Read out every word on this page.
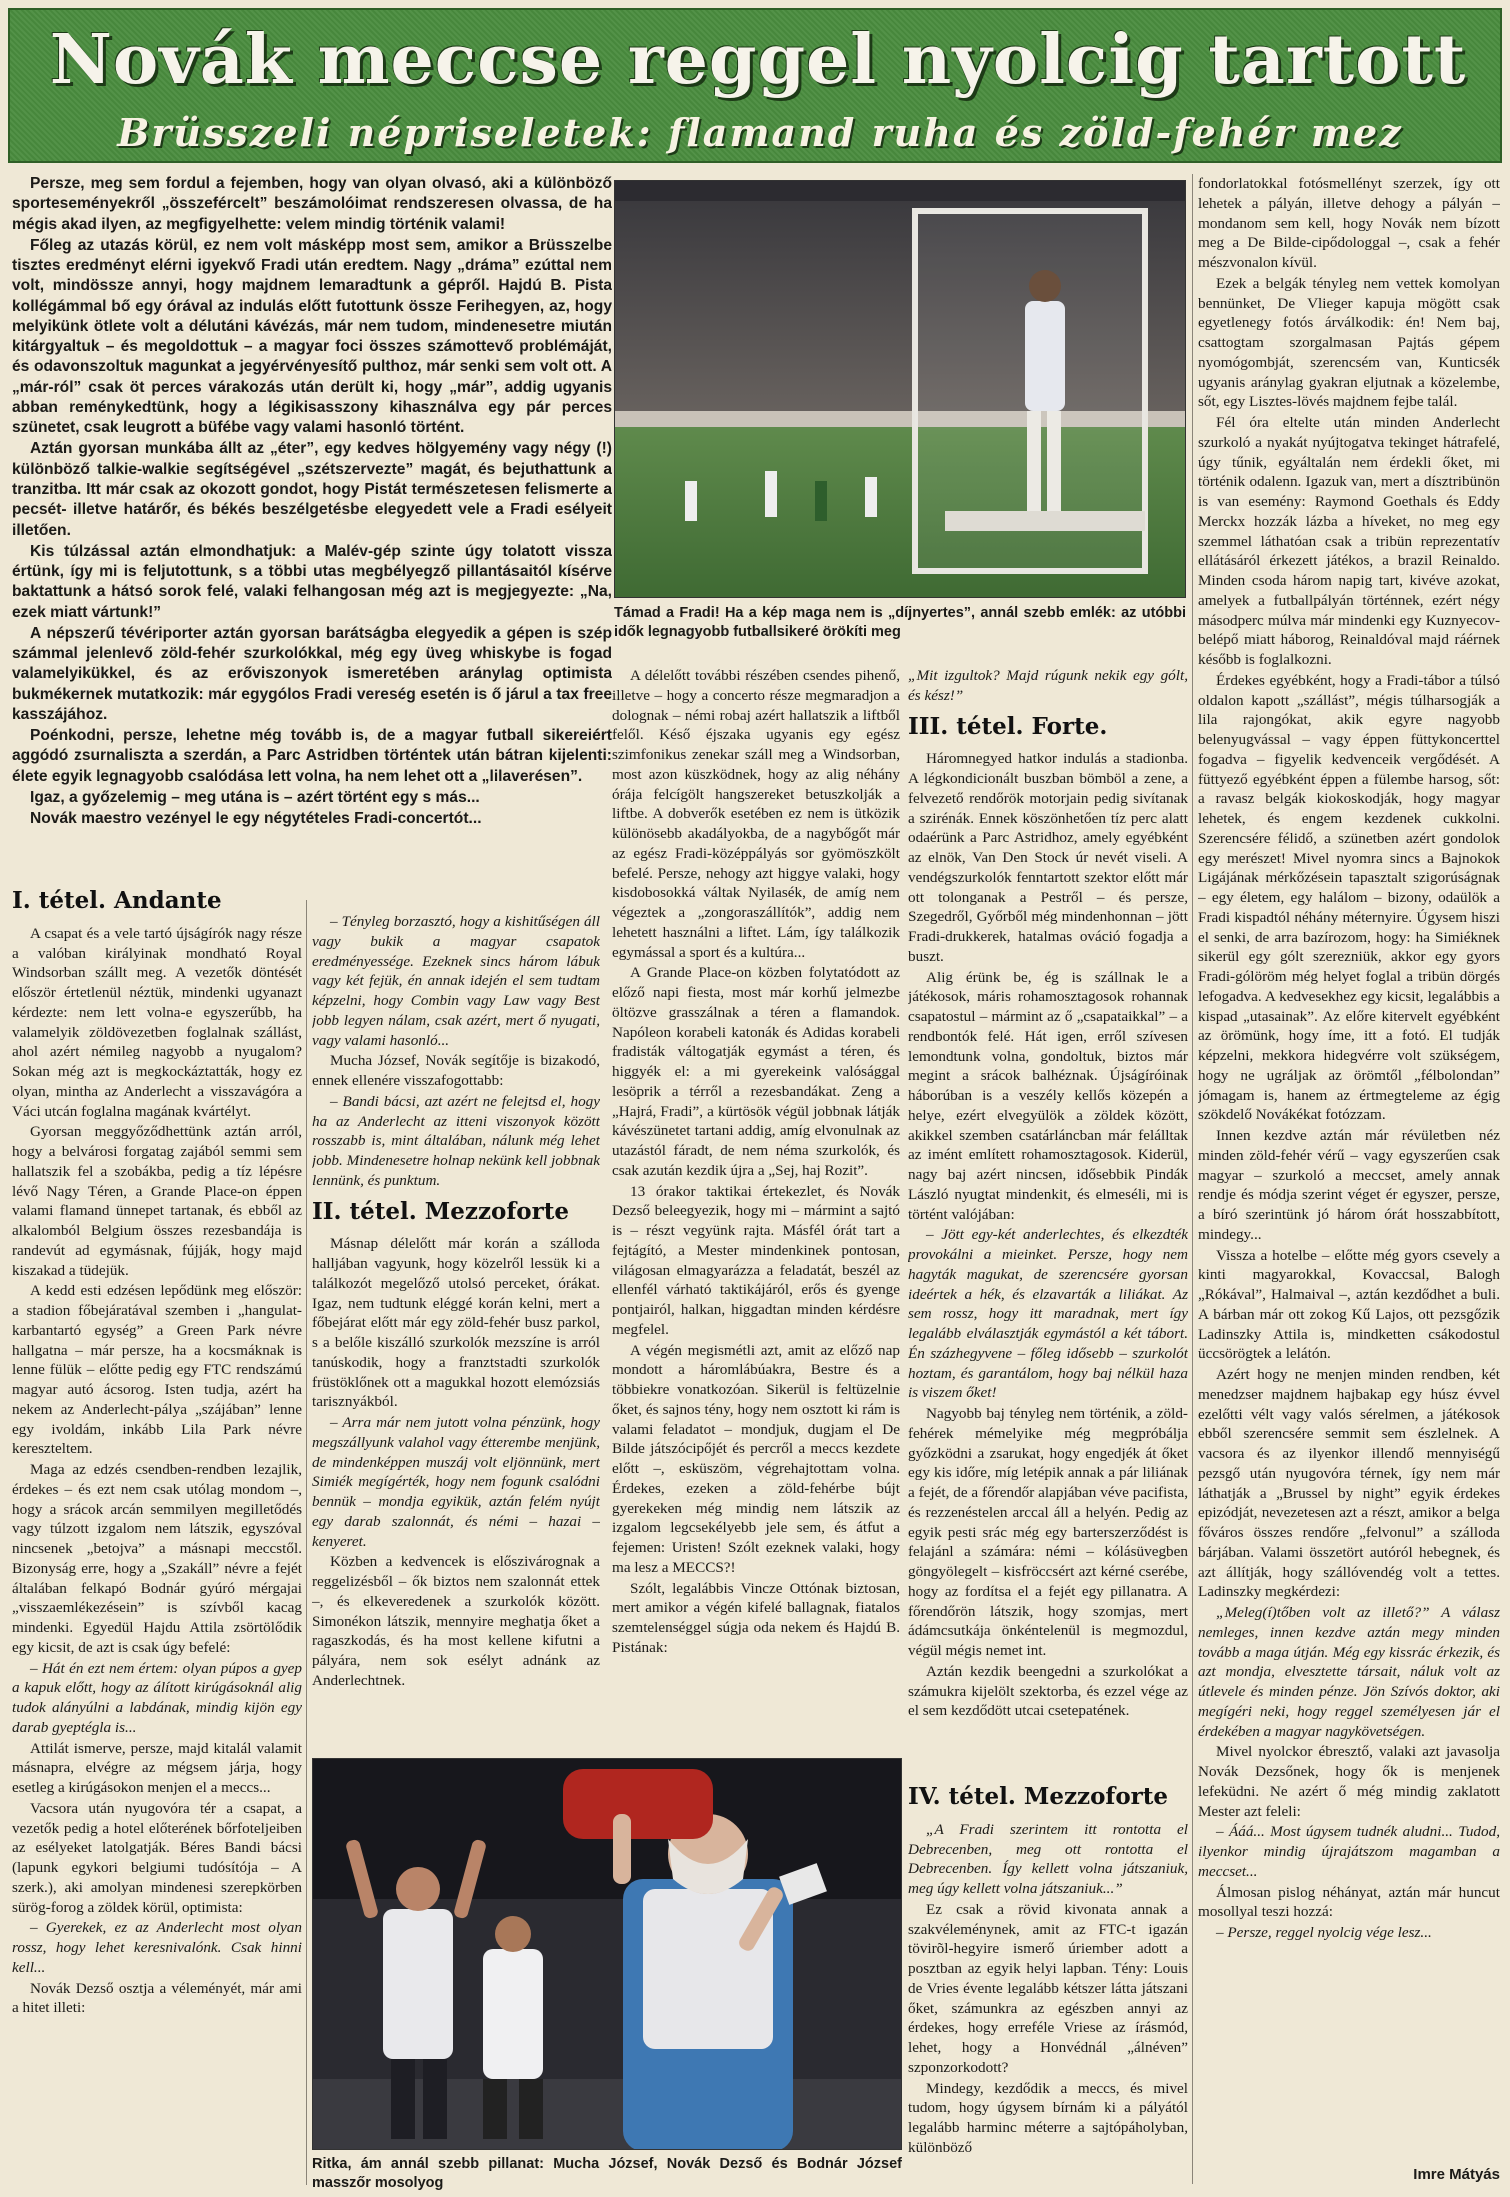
Novák meccse reggel nyolcig tartott
Brüsszeli népriseletek: flamand ruha és zöld-fehér mez

Persze, meg sem fordul a fejemben, hogy van olyan olvasó, aki a különböző sporteseményekről „összefércelt” beszámolóimat rendszeresen olvassa, de ha mégis akad ilyen, az megfigyelhette: velem mindig történik valami!

Főleg az utazás körül, ez nem volt másképp most sem, amikor a Brüsszelbe tisztes eredményt elérni igyekvő Fradi után eredtem. Nagy „dráma” ezúttal nem volt, mindössze annyi, hogy majdnem lemaradtunk a gépről. Hajdú B. Pista kollégámmal bő egy órával az indulás előtt futottunk össze Ferihegyen, az, hogy melyikünk ötlete volt a délutáni kávézás, már nem tudom, mindenesetre miután kitárgyaltuk – és megoldottuk – a magyar foci összes számottevő problémáját, és odavonszoltuk magunkat a jegyérvényesítő pulthoz, már senki sem volt ott. A „már-ról” csak öt perces várakozás után derült ki, hogy „már”, addig ugyanis abban reménykedtünk, hogy a légikisasszony kihasználva egy pár perces szünetet, csak leugrott a büfébe vagy valami hasonló történt.

Aztán gyorsan munkába állt az „éter”, egy kedves hölgyemény vagy négy (!) különböző talkie-walkie segítségével „szétszervezte” magát, és bejuthattunk a tranzitba. Itt már csak az okozott gondot, hogy Pistát természetesen felismerte a pecsét- illetve határőr, és békés beszélgetésbe elegyedett vele a Fradi esélyeit illetően.

Kis túlzással aztán elmondhatjuk: a Malév-gép szinte úgy tolatott vissza értünk, így mi is feljutottunk, s a többi utas megbélyegző pillantásaitól kísérve baktattunk a hátsó sorok felé, valaki felhangosan még azt is megjegyezte: „Na, ezek miatt vártunk!”

A népszerű tévériporter aztán gyorsan barátságba elegyedik a gépen is szép számmal jelenlevő zöld-fehér szurkolókkal, még egy üveg whiskybe is fogad valamelyikükkel, és az erőviszonyok ismeretében aránylag optimista bukmékernek mutatkozik: már egygólos Fradi vereség esetén is ő járul a tax free kasszájához.

Poénkodni, persze, lehetne még tovább is, de a magyar futball sikereiért aggódó zsurnaliszta a szerdán, a Parc Astridben történtek után bátran kijelenti: élete egyik legnagyobb csalódása lett volna, ha nem lehet ott a „lilaverésen”.

Igaz, a győzelemig – meg utána is – azért történt egy s más...

Novák maestro vezényel le egy négytételes Fradi-concertót...

Támad a Fradi! Ha a kép maga nem is „díjnyertes”, annál szebb emlék: az utóbbi idők legnagyobb futballsikeré örökíti meg
I. tétel. Andante

A csapat és a vele tartó újságírók nagy része a valóban királyinak mondható Royal Windsorban szállt meg. A vezetők döntését először értetlenül néztük, mindenki ugyanazt kérdezte: nem lett volna-e egyszerűbb, ha valamelyik zöldövezetben foglalnak szállást, ahol azért némileg nagyobb a nyugalom? Sokan még azt is megkockáztatták, hogy ez olyan, mintha az Anderlecht a visszavágóra a Váci utcán foglalna magának kvártélyt.

Gyorsan meggyőződhettünk aztán arról, hogy a belvárosi forgatag zajából semmi sem hallatszik fel a szobákba, pedig a tíz lépésre lévő Nagy Téren, a Grande Place-on éppen valami flamand ünnepet tartanak, és ebből az alkalomból Belgium összes rezesbandája is randevút ad egymásnak, fújják, hogy majd kiszakad a tüdejük.

A kedd esti edzésen lepődünk meg először: a stadion főbejáratával szemben i „hangulat-karbantartó egység” a Green Park névre hallgatna – már persze, ha a kocsmáknak is lenne fülük – előtte pedig egy FTC rendszámú magyar autó ácsorog. Isten tudja, azért ha nekem az Anderlecht-pálya „szájában” lenne egy ivoldám, inkább Lila Park névre kereszteltem.

Maga az edzés csendben-rendben lezajlik, érdekes – és ezt nem csak utólag mondom –, hogy a srácok arcán semmilyen megilletődés vagy túlzott izgalom nem látszik, egyszóval nincsenek „betojva” a másnapi meccstől. Bizonyság erre, hogy a „Szakáll” névre a fejét általában felkapó Bodnár gyúró mérgajai „visszaemlékezésein” is szívből kacag mindenki. Egyedül Hajdu Attila zsörtölődik egy kicsit, de azt is csak úgy befelé:

– Hát én ezt nem értem: olyan púpos a gyep a kapuk előtt, hogy az álított kirúgásoknál alig tudok alányúlni a labdának, mindig kijön egy darab gyeptégla is...

Attilát ismerve, persze, majd kitalál valamit másnapra, elvégre az mégsem járja, hogy esetleg a kirúgásokon menjen el a meccs...

Vacsora után nyugovóra tér a csapat, a vezetők pedig a hotel előterének bőrfoteljeiben az esélyeket latolgatják. Béres Bandi bácsi (lapunk egykori belgiumi tudósítója – A szerk.), aki amolyan mindenesi szerepkörben sürög-forog a zöldek körül, optimista:

– Gyerekek, ez az Anderlecht most olyan rossz, hogy lehet keresnivalónk. Csak hinni kell...

Novák Dezső osztja a véleményét, már ami a hitet illeti:

– Tényleg borzasztó, hogy a kishitűségen áll vagy bukik a magyar csapatok eredményessége. Ezeknek sincs három lábuk vagy két fejük, én annak idején el sem tudtam képzelni, hogy Combin vagy Law vagy Best jobb legyen nálam, csak azért, mert ő nyugati, vagy valami hasonló...

Mucha József, Novák segítője is bizakodó, ennek ellenére visszafogottabb:

– Bandi bácsi, azt azért ne felejtsd el, hogy ha az Anderlecht az itteni viszonyok között rosszabb is, mint általában, nálunk még lehet jobb. Mindenesetre holnap nekünk kell jobbnak lennünk, és punktum.

II. tétel. Mezzoforte

Másnap délelőtt már korán a szálloda halljában vagyunk, hogy közelről lessük ki a találkozót megelőző utolsó perceket, órákat. Igaz, nem tudtunk eléggé korán kelni, mert a főbejárat előtt már egy zöld-fehér busz parkol, s a belőle kiszálló szurkolók mezszíne is arról tanúskodik, hogy a franztstadti szurkolók früstöklőnek ott a magukkal hozott elemózsiás tarisznyákból.

– Arra már nem jutott volna pénzünk, hogy megszállyunk valahol vagy étterembe menjünk, de mindenképpen muszáj volt eljönnünk, mert Simiék megígérték, hogy nem fogunk csalódni bennük – mondja egyikük, aztán felém nyújt egy darab szalonnát, és némi – hazai – kenyeret.

Közben a kedvencek is előszivárognak a reggelizésből – ők biztos nem szalonnát ettek –, és elkeveredenek a szurkolók között. Simonékon látszik, mennyire meghatja őket a ragaszkodás, és ha most kellene kifutni a pályára, nem sok esélyt adnánk az Anderlechtnek.

A délelőtt további részében csendes pihenő, illetve – hogy a concerto része megmaradjon a dolognak – némi robaj azért hallatszik a liftből felől. Késő éjszaka ugyanis egy egész szimfonikus zenekar száll meg a Windsorban, most azon küszködnek, hogy az alig néhány órája felcígölt hangszereket betuszkolják a liftbe. A dobverők esetében ez nem is ütközik különösebb akadályokba, de a nagybőgőt már az egész Fradi-középpályás sor gyömöszkölt befelé. Persze, nehogy azt higgye valaki, hogy kisdobosokká váltak Nyilasék, de amíg nem végeztek a „zongoraszállítók”, addig nem lehetett használni a liftet. Lám, így találkozik egymással a sport és a kultúra...

A Grande Place-on közben folytatódott az előző napi fiesta, most már korhű jelmezbe öltözve grasszálnak a téren a flamandok. Napóleon korabeli katonák és Adidas korabeli fradisták váltogatják egymást a téren, és higgyék el: a mi gyerekeink valósággal lesöprik a térről a rezesbandákat. Zeng a „Hajrá, Fradi”, a kürtösök végül jobbnak látják kávészünetet tartani addig, amíg elvonulnak az utazástól fáradt, de nem néma szurkolók, és csak azután kezdik újra a „Sej, haj Rozit”.

13 órakor taktikai értekezlet, és Novák Dezső beleegyezik, hogy mi – mármint a sajtó is – részt vegyünk rajta. Másfél órát tart a fejtágító, a Mester mindenkinek pontosan, világosan elmagyarázza a feladatát, beszél az ellenfél várható taktikájáról, erős és gyenge pontjairól, halkan, higgadtan minden kérdésre megfelel.

A végén megismétli azt, amit az előző nap mondott a háromlábúakra, Bestre és a többiekre vonatkozóan. Sikerül is feltüzelnie őket, és sajnos tény, hogy nem osztott ki rám is valami feladatot – mondjuk, dugjam el De Bilde játszócipőjét és percről a meccs kezdete előtt –, esküszöm, végrehajtottam volna. Érdekes, ezeken a zöld-fehérbe bújt gyerekeken még mindig nem látszik az izgalom legcsekélyebb jele sem, és átfut a fejemen: Uristen! Szólt ezeknek valaki, hogy ma lesz a MECCS?!

Szólt, legalábbis Vincze Ottónak biztosan, mert amikor a végén kifelé ballagnak, fiatalos szemtelenséggel súgja oda nekem és Hajdú B. Pistának:

„Mit izgultok? Majd rúgunk nekik egy gólt, és kész!”

III. tétel. Forte.

Háromnegyed hatkor indulás a stadionba. A légkondicionált buszban bömböl a zene, a felvezető rendőrök motorjain pedig sivítanak a szirénák. Ennek köszönhetően tíz perc alatt odaérünk a Parc Astridhoz, amely egyébként az elnök, Van Den Stock úr nevét viseli. A vendégszurkolók fenntartott szektor előtt már ott tolonganak a Pestről – és persze, Szegedről, Győrből még mindenhonnan – jött Fradi-drukkerek, hatalmas ováció fogadja a buszt.

Alig érünk be, ég is szállnak le a játékosok, máris rohamosztagosok rohannak csapatostul – mármint az ő „csapataikkal” – a rendbontók felé. Hát igen, erről szívesen lemondtunk volna, gondoltuk, biztos már megint a srácok balhéznak. Újságíróinak háborúban is a veszély kellős közepén a helye, ezért elvegyülök a zöldek között, akikkel szemben csatárláncban már felálltak az imént említett rohamosztagosok. Kiderül, nagy baj azért nincsen, idősebbik Pindák László nyugtat mindenkit, és elmeséli, mi is történt valójában:

– Jött egy-két anderlechtes, és elkezdték provokálni a mieinket. Persze, hogy nem hagyták magukat, de szerencsére gyorsan ideértek a hék, és elzavarták a liliákat. Az sem rossz, hogy itt maradnak, mert így legalább elválasztják egymástól a két tábort. Én százhegyvene – főleg idősebb – szurkolót hoztam, és garantálom, hogy baj nélkül haza is viszem őket!

Nagyobb baj tényleg nem történik, a zöld-fehérek mémelyike még megpróbálja győzködni a zsarukat, hogy engedjék át őket egy kis időre, míg letépik annak a pár liliának a fejét, de a főrendőr alapjában véve pacifista, és rezzenéstelen arccal áll a helyén. Pedig az egyik pesti srác még egy barterszerződést is felajánl a számára: némi – kólásüvegben göngyölegelt – kisfröccsért azt kérné cserébe, hogy az fordítsa el a fejét egy pillanatra. A főrendőrön látszik, hogy szomjas, mert ádámcsutkája önkéntelenül is megmozdul, végül mégis nemet int.

Aztán kezdik beengedni a szurkolókat a számukra kijelölt szektorba, és ezzel vége az el sem kezdődött utcai csetepatének.

Ritka, ám annál szebb pillanat: Mucha József, Novák Dezső és Bodnár József masszőr mosolyog
IV. tétel. Mezzoforte

„A Fradi szerintem itt rontotta el Debrecenben, meg ott rontotta el Debrecenben. Így kellett volna játszaniuk, meg úgy kellett volna játszaniuk...”

Ez csak a rövid kivonata annak a szakvéleménynek, amit az FTC-t igazán tövirõl-hegyire ismerő úriember adott a posztban az egyik helyi lapban. Tény: Louis de Vries évente legalább kétszer látta játszani őket, számunkra az egészben annyi az érdekes, hogy erreféle Vriese az írásmód, lehet, hogy a Honvédnál „álnéven” szponzorkodott?

Mindegy, kezdődik a meccs, és mivel tudom, hogy úgysem bírnám ki a pályától legalább harminc méterre a sajtópáholyban, különböző

fondorlatokkal fotósmellényt szerzek, így ott lehetek a pályán, illetve dehogy a pályán – mondanom sem kell, hogy Novák nem bízott meg a De Bilde-cipődologgal –, csak a fehér mészvonalon kívül.

Ezek a belgák tényleg nem vettek komolyan bennünket, De Vlieger kapuja mögött csak egyetlenegy fotós árválkodik: én! Nem baj, csattogtam szorgalmasan Pajtás gépem nyomógombját, szerencsém van, Kunticsék ugyanis aránylag gyakran eljutnak a közelembe, sőt, egy Lisztes-lövés majdnem fejbe talál.

Fél óra eltelte után minden Anderlecht szurkoló a nyakát nyújtogatva tekinget hátrafelé, úgy tűnik, egyáltalán nem érdekli őket, mi történik odalenn. Igazuk van, mert a dísztribünön is van esemény: Raymond Goethals és Eddy Merckx hozzák lázba a híveket, no meg egy szemmel láthatóan csak a tribün reprezentatív ellátásáról érkezett játékos, a brazil Reinaldo. Minden csoda három napig tart, kivéve azokat, amelyek a futballpályán történnek, ezért négy másodperc múlva már mindenki egy Kuznyecov-belépő miatt háborog, Reinaldóval majd ráérnek később is foglalkozni.

Érdekes egyébként, hogy a Fradi-tábor a túlsó oldalon kapott „szállást”, mégis túlharsogják a lila rajongókat, akik egyre nagyobb belenyugvással – vagy éppen füttykoncerttel fogadva – figyelik kedvenceik vergődését. A füttyező egyébként éppen a fülembe harsog, sőt: a ravasz belgák kiokoskodják, hogy magyar lehetek, és engem kezdenek cukkolni. Szerencsére félidő, a szünetben azért gondolok egy merészet! Mivel nyomra sincs a Bajnokok Ligájának mérkőzésein tapasztalt szigorúságnak – egy életem, egy halálom – bizony, odaülök a Fradi kispadtól néhány méternyire. Úgysem hiszi el senki, de arra bazírozom, hogy: ha Simiéknek sikerül egy gólt szerezniük, akkor egy gyors Fradi-gólöröm még helyet foglal a tribün dörgés lefogadva. A kedvesekhez egy kicsit, legalábbis a kispad „utasainak”. Az előre kitervelt egyébként az örömünk, hogy íme, itt a fotó. El tudják képzelni, mekkora hidegvérre volt szükségem, hogy ne ugráljak az örömtől „félbolondan” jómagam is, hanem az értmegteleme az égig szökdelő Novákékat fotózzam.

Innen kezdve aztán már révületben néz minden zöld-fehér vérű – vagy egyszerűen csak magyar – szurkoló a meccset, amely annak rendje és módja szerint véget ér egyszer, persze, a bíró szerintünk jó három órát hosszabbított, mindegy...

Vissza a hotelbe – előtte még gyors csevely a kinti magyarokkal, Kovaccsal, Balogh „Rókával”, Halmaival –, aztán kezdődhet a buli. A bárban már ott zokog Kű Lajos, ott pezsgőzik Ladinszky Attila is, mindketten csákodostul üccsörögtek a lelátón.

Azért hogy ne menjen minden rendben, két menedzser majdnem hajbakap egy húsz évvel ezelőtti vélt vagy valós sérelmen, a játékosok ebből szerencsére semmit sem észlelnek. A vacsora és az ilyenkor illendő mennyiségű pezsgő után nyugovóra térnek, így nem már láthatják a „Brussel by night” egyik érdekes epizódját, nevezetesen azt a részt, amikor a belga főváros összes rendőre „felvonul” a szálloda bárjában. Valami összetört autóról hebegnek, és azt állítják, hogy szállóvendég volt a tettes. Ladinszky megkérdezi:

„Meleg(í)tőben volt az illető?” A válasz nemleges, innen kezdve aztán megy minden tovább a maga útján. Még egy kissrác érkezik, és azt mondja, elvesztette társait, náluk volt az útlevele és minden pénze. Jön Szívós doktor, aki megígéri neki, hogy reggel személyesen jár el érdekében a magyar nagykövetségen.

Mivel nyolckor ébresztő, valaki azt javasolja Novák Dezsőnek, hogy ők is menjenek lefeküdni. Ne azért ő még mindig zaklatott Mester azt feleli:

– Ááá... Most úgysem tudnék aludni... Tudod, ilyenkor mindig újrajátszom magamban a meccset...

Álmosan pislog néhányat, aztán már huncut mosollyal teszi hozzá:

– Persze, reggel nyolcig vége lesz...

Imre Mátyás
